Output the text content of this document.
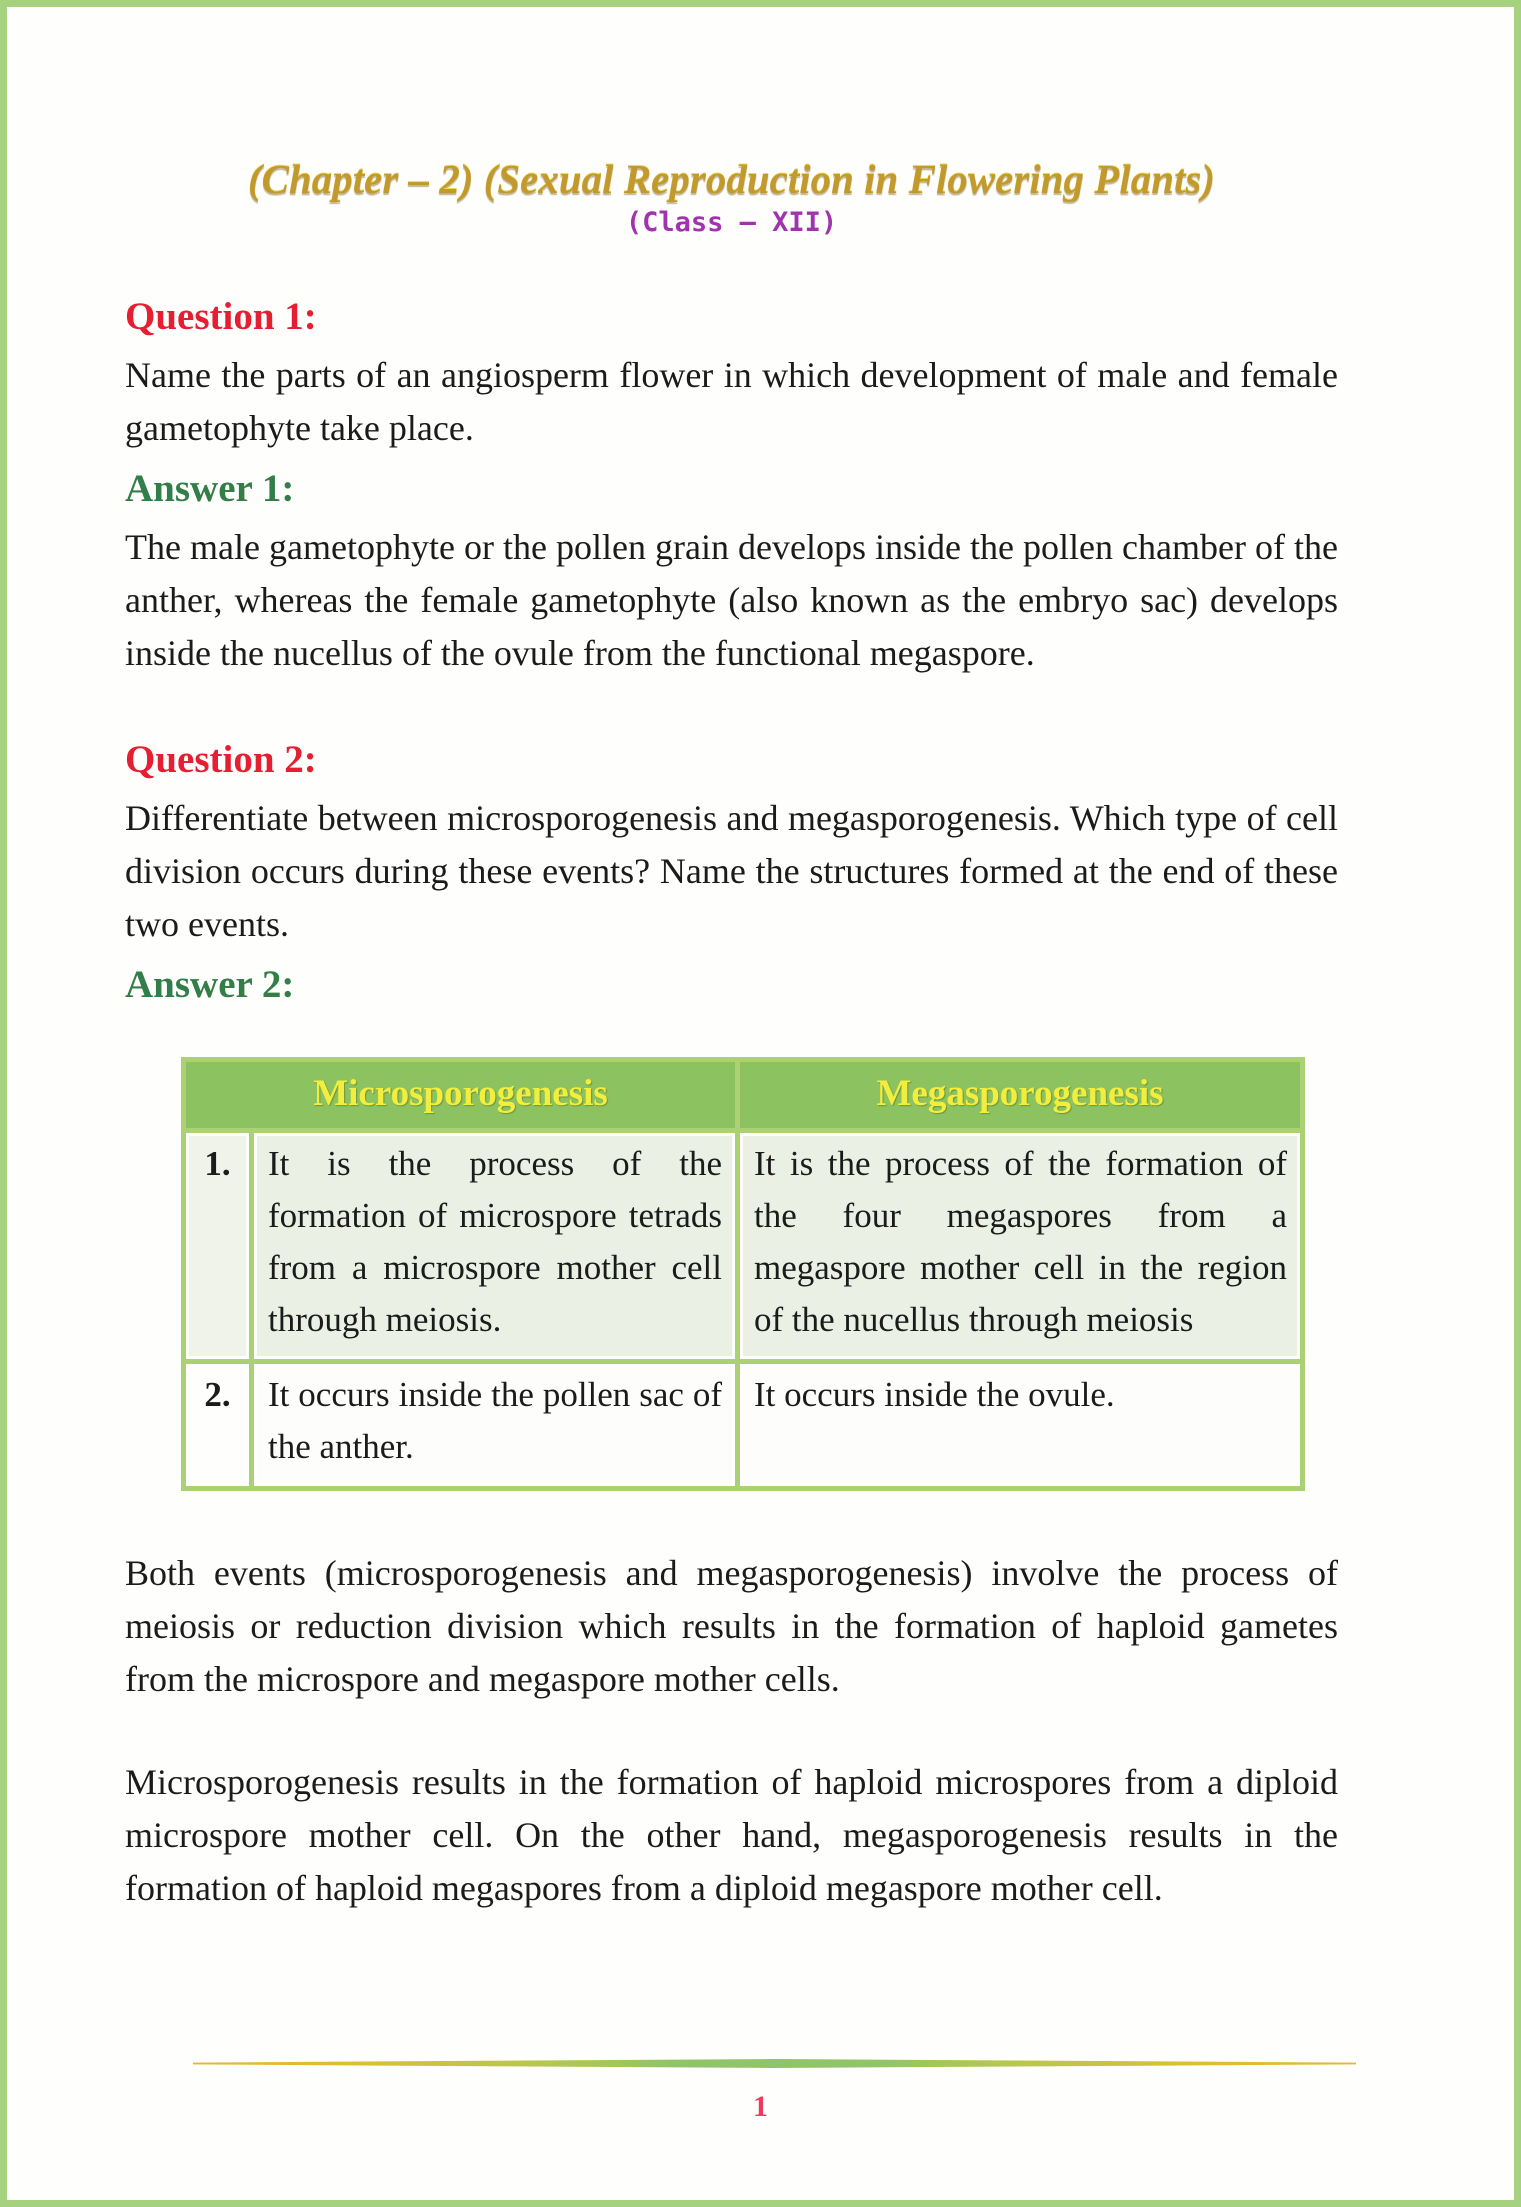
(Chapter – 2) (Sexual Reproduction in Flowering Plants)
(Class – XII)
Question 1:

Name the parts of an angiosperm flower in which development of male and female gametophyte take place.

Answer 1:

The male gametophyte or the pollen grain develops inside the pollen chamber of the anther, whereas the female gametophyte (also known as the embryo sac) develops inside the nucellus of the ovule from the functional megaspore.

Question 2:

Differentiate between microsporogenesis and megasporogenesis. Which type of cell division occurs during these events? Name the structures formed at the end of these two events.

Answer 2:
Microsporogenesis		Megasporogenesis
1.	It is the process of the formation of microspore tetrads from a microspore mother cell through meiosis.	It is the process of the formation of the four megaspores from a megaspore mother cell in the region of the nucellus through meiosis
2.	It occurs inside the pollen sac of the anther.	It occurs inside the ovule.

Both events (microsporogenesis and megasporogenesis) involve the process of meiosis or reduction division which results in the formation of haploid gametes from the microspore and megaspore mother cells.

Microsporogenesis results in the formation of haploid microspores from a diploid microspore mother cell. On the other hand, megasporogenesis results in the formation of haploid megaspores from a diploid megaspore mother cell.

1
